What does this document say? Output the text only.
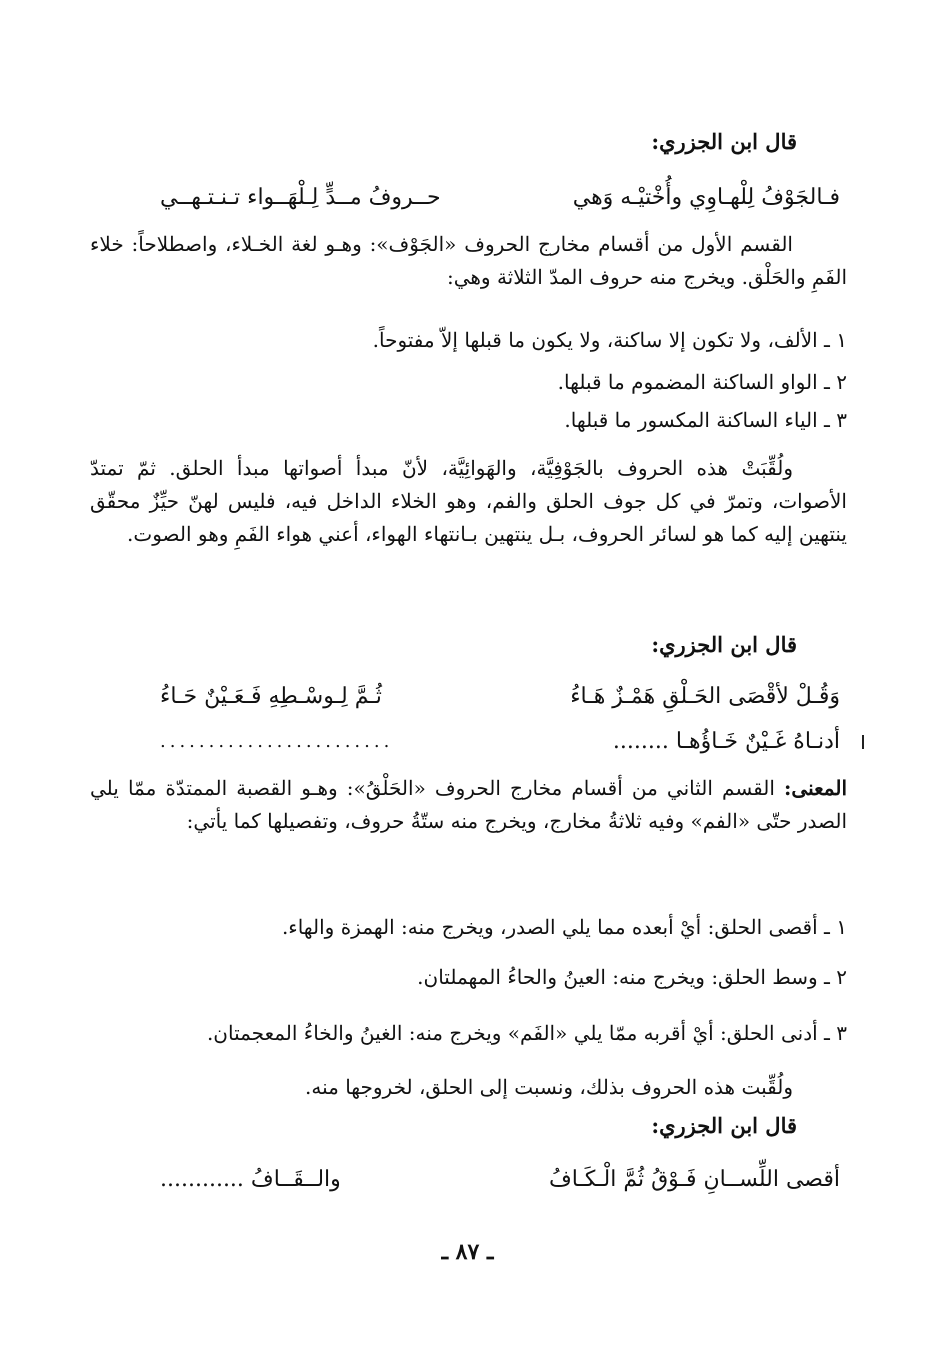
قال ابن الجزري:
فـالجَوْفُ لِلْهـاوِي وأُخْتيْـه وَهي
حــروفُ مــدٍّ لِـلْهَــواء تـنـتـهــي
القسم الأول من أقسام مخارج الحروف «الجَوْف»: وهـو لغة الخـلاء، واصطلاحاً: خلاء الفَمِ والحَلْق. ويخرج منه حروف المدّ الثلاثة وهي:
١ ـ الألف، ولا تكون إلا ساكنة، ولا يكون ما قبلها إلاّ مفتوحاً.
٢ ـ الواو الساكنة المضموم ما قبلها.
٣ ـ الياء الساكنة المكسور ما قبلها.
ولُقِّبَتْ هذه الحروف بالجَوْفِيَّة، والهَوائِيَّة، لأنّ مبدأ أصواتها مبدأ الحلق. ثمّ تمتدّ الأصوات، وتمرّ في كل جوف الحلق والفم، وهو الخلاء الداخل فيه، فليس لهنّ حيِّزٌ محقّق ينتهين إليه كما هو لسائر الحروف، بـل ينتهين بـانتهاء الهواء، أعني هواء الفَمِ وهو الصوت.
قال ابن الجزري:
وَقُـلْ لأقْصَى الحَـلْقِ هَمْـزٌ هَـاءُ
ثُـمَّ لِـوسْـطِهِ فَـعَـيْنٌ حَـاءُ
أدنـاهُ غَـيْنٌ خَـاؤُهـا ........
........................
المعنى: القسم الثاني من أقسام مخارج الحروف «الحَلْقُ»: وهـو القصبة الممتدّة ممّا يلي الصدر حتّى «الفم» وفيه ثلاثةُ مخارج، ويخرج منه ستّةُ حروف، وتفصيلها كما يأتي:
١ ـ أقصى الحلق: أيْ أبعده مما يلي الصدر، ويخرج منه: الهمزة والهاء.
٢ ـ وسط الحلق: ويخرج منه: العينُ والحاءُ المهملتان.
٣ ـ أدنى الحلق: أيْ أقربه ممّا يلي «الفَم» ويخرج منه: الغينُ والخاءُ المعجمتان.
ولُقِّبت هذه الحروف بذلك، ونسبت إلى الحلق، لخروجها منه.
قال ابن الجزري:
أقصى اللِّســانِ فَـوْقُ ثُمَّ الْـكَـافُ
والــقَــافُ ............
ـ ٨٧ ـ
